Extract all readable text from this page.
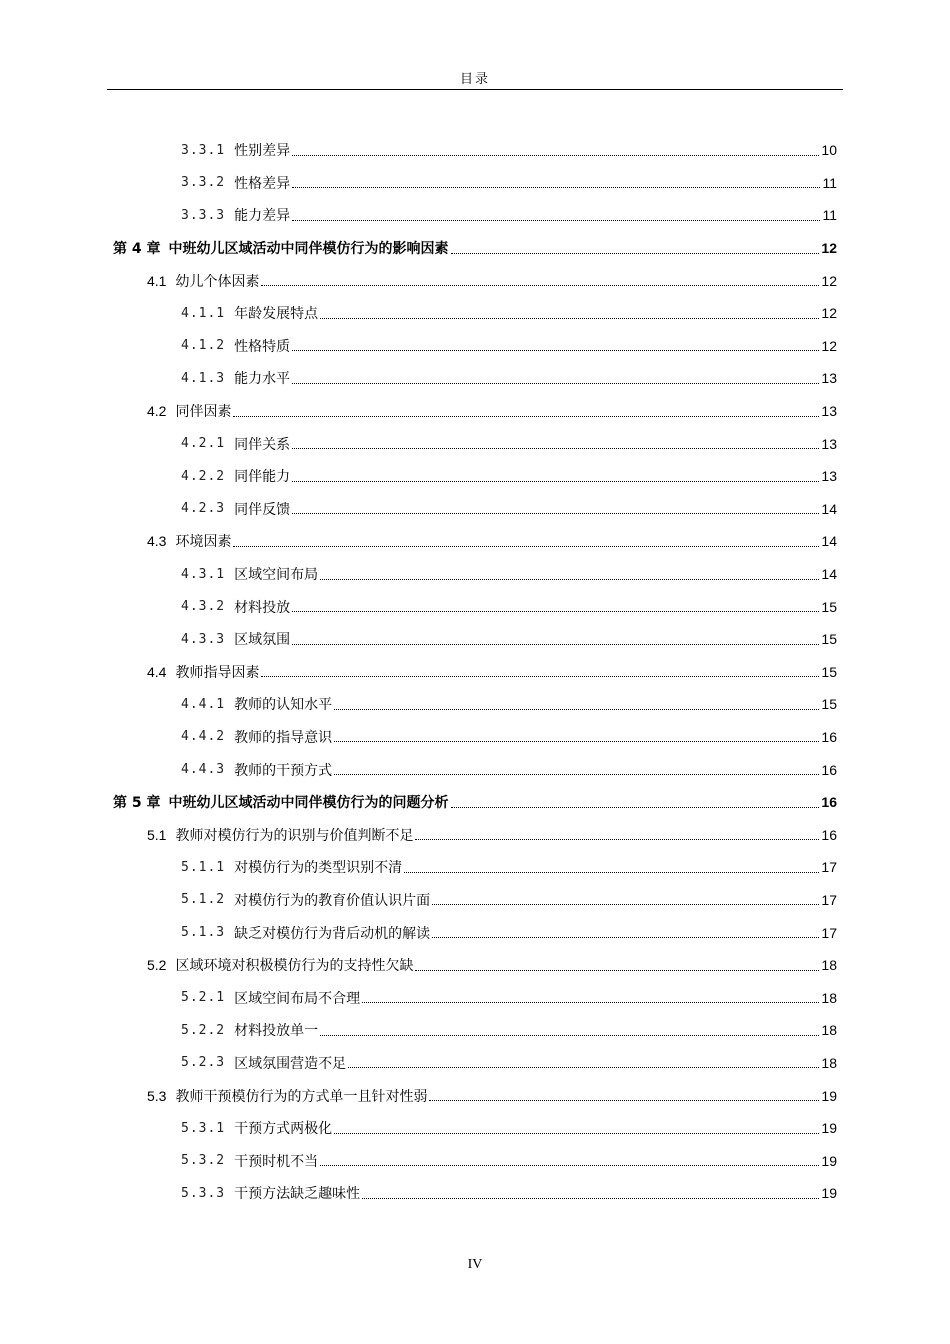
目录
3.3.1 性别差异	10
3.3.2 性格差异	11
3.3.3 能力差异	11
第 4 章 中班幼儿区域活动中同伴模仿行为的影响因素	12
4.1 幼儿个体因素	12
4.1.1 年龄发展特点	12
4.1.2 性格特质	12
4.1.3 能力水平	13
4.2 同伴因素	13
4.2.1 同伴关系	13
4.2.2 同伴能力	13
4.2.3 同伴反馈	14
4.3 环境因素	14
4.3.1 区域空间布局	14
4.3.2 材料投放	15
4.3.3 区域氛围	15
4.4 教师指导因素	15
4.4.1 教师的认知水平	15
4.4.2 教师的指导意识	16
4.4.3 教师的干预方式	16
第 5 章 中班幼儿区域活动中同伴模仿行为的问题分析	16
5.1 教师对模仿行为的识别与价值判断不足	16
5.1.1 对模仿行为的类型识别不清	17
5.1.2 对模仿行为的教育价值认识片面	17
5.1.3 缺乏对模仿行为背后动机的解读	17
5.2 区域环境对积极模仿行为的支持性欠缺	18
5.2.1 区域空间布局不合理	18
5.2.2 材料投放单一	18
5.2.3 区域氛围营造不足	18
5.3 教师干预模仿行为的方式单一且针对性弱	19
5.3.1 干预方式两极化	19
5.3.2 干预时机不当	19
5.3.3 干预方法缺乏趣味性	19
IV
